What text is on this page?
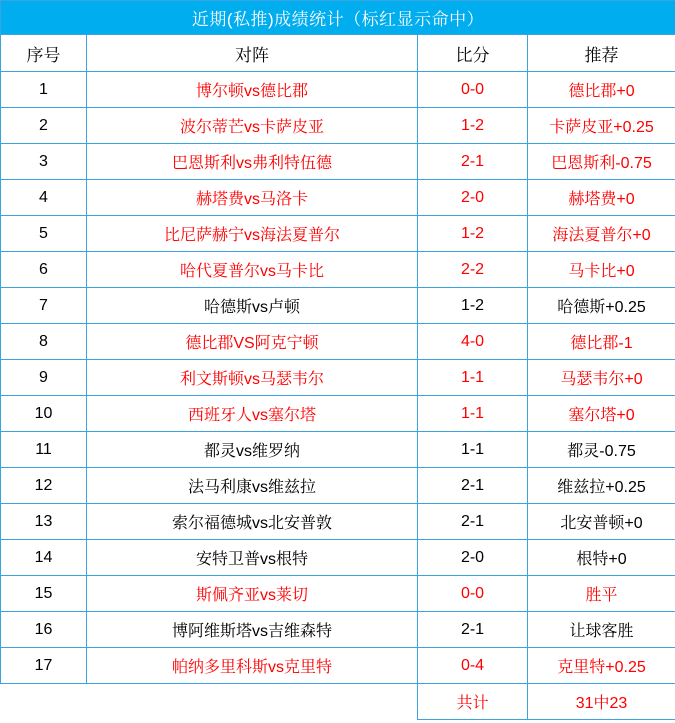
近期(私推)成绩统计（标红显示命中）			
序号	对阵	比分	推荐
1	博尔顿vs德比郡	0-0	德比郡+0
2	波尔蒂芒vs卡萨皮亚	1-2	卡萨皮亚+0.25
3	巴恩斯利vs弗利特伍德	2-1	巴恩斯利-0.75
4	赫塔费vs马洛卡	2-0	赫塔费+0
5	比尼萨赫宁vs海法夏普尔	1-2	海法夏普尔+0
6	哈代夏普尔vs马卡比	2-2	马卡比+0
7	哈德斯vs卢顿	1-2	哈德斯+0.25
8	德比郡VS阿克宁顿	4-0	德比郡-1
9	利文斯顿vs马瑟韦尔	1-1	马瑟韦尔+0
10	西班牙人vs塞尔塔	1-1	塞尔塔+0
11	都灵vs维罗纳	1-1	都灵-0.75
12	法马利康vs维兹拉	2-1	维兹拉+0.25
13	索尔福德城vs北安普敦	2-1	北安普顿+0
14	安特卫普vs根特	2-0	根特+0
15	斯佩齐亚vs莱切	0-0	胜平
16	博阿维斯塔vs吉维森特	2-1	让球客胜
17	帕纳多里科斯vs克里特	0-4	克里特+0.25
		共计	31中23
